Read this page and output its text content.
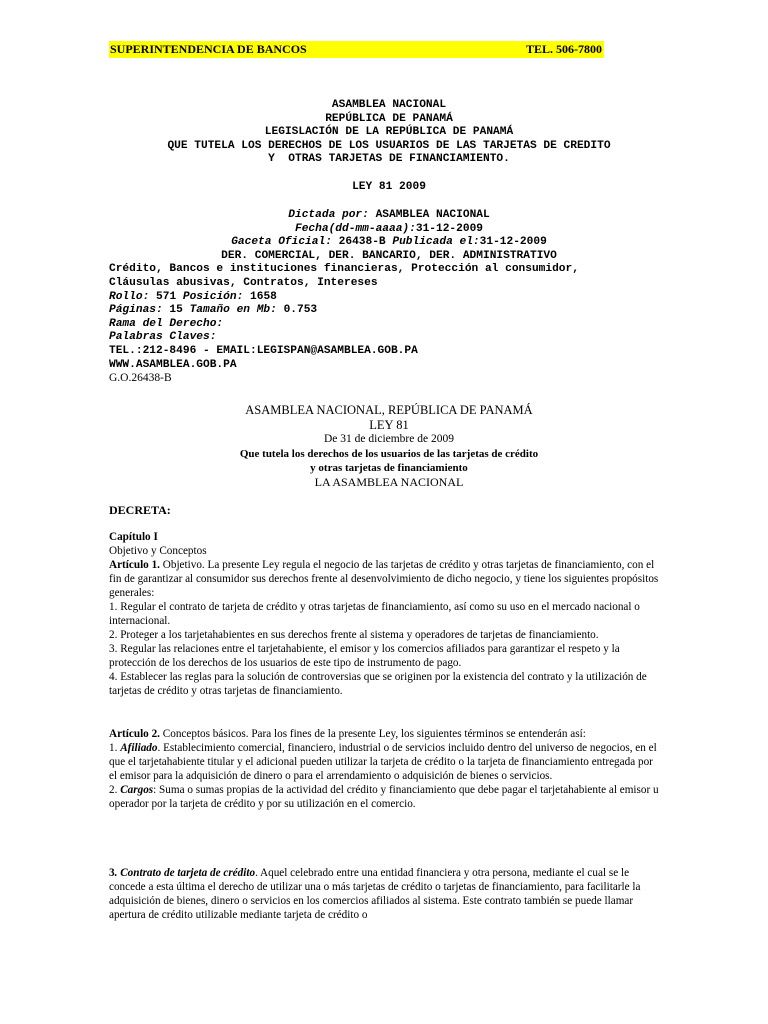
SUPERINTENDENCIA DE BANCOS	TEL. 506-7800
ASAMBLEA NACIONAL
REPÚBLICA DE PANAMÁ
LEGISLACIÓN DE LA REPÚBLICA DE PANAMÁ
QUE TUTELA LOS DERECHOS DE LOS USUARIOS DE LAS TARJETAS DE CREDITO
Y  OTRAS TARJETAS DE FINANCIAMIENTO.
LEY 81 2009
Dictada por: ASAMBLEA NACIONAL
Fecha(dd-mm-aaaa):31-12-2009
Gaceta Oficial: 26438-B Publicada el:31-12-2009
DER. COMERCIAL, DER. BANCARIO, DER. ADMINISTRATIVO
Crédito, Bancos e instituciones financieras, Protección al consumidor,
Cláusulas abusivas, Contratos, Intereses
Rollo: 571 Posición: 1658
Páginas: 15 Tamaño en Mb: 0.753
Rama del Derecho:
Palabras Claves:
TEL.:212-8496 - EMAIL:LEGISPAN@ASAMBLEA.GOB.PA
WWW.ASAMBLEA.GOB.PA
G.O.26438-B
ASAMBLEA NACIONAL, REPÚBLICA DE PANAMÁ
LEY 81
De 31 de diciembre de 2009
Que tutela los derechos de los usuarios de las tarjetas de crédito
y otras tarjetas de financiamiento
LA ASAMBLEA NACIONAL
DECRETA:

Capítulo I

Objetivo y Conceptos

Artículo 1. Objetivo. La presente Ley regula el negocio de las tarjetas de crédito y otras tarjetas de financiamiento, con el fin de garantizar al consumidor sus derechos frente al desenvolvimiento de dicho negocio, y tiene los siguientes propósitos generales:

1. Regular el contrato de tarjeta de crédito y otras tarjetas de financiamiento, así como su uso en el mercado nacional o internacional.

2. Proteger a los tarjetahabientes en sus derechos frente al sistema y operadores de tarjetas de financiamiento.

3. Regular las relaciones entre el tarjetahabiente, el emisor y los comercios afiliados para garantizar el respeto y la protección de los derechos de los usuarios de este tipo de instrumento de pago.

4. Establecer las reglas para la solución de controversias que se originen por la existencia del contrato y la utilización de tarjetas de crédito y otras tarjetas de financiamiento.

Artículo 2. Conceptos básicos. Para los fines de la presente Ley, los siguientes términos se entenderán así:

1. Afiliado. Establecimiento comercial, financiero, industrial o de servicios incluido dentro del universo de negocios, en el que el tarjetahabiente titular y el adicional pueden utilizar la tarjeta de crédito o la tarjeta de financiamiento entregada por el emisor para la adquisición de dinero o para el arrendamiento o adquisición de bienes o servicios.

2. Cargos: Suma o sumas propias de la actividad del crédito y financiamiento que debe pagar el tarjetahabiente al emisor u operador por la tarjeta de crédito y por su utilización en el comercio.

3. Contrato de tarjeta de crédito. Aquel celebrado entre una entidad financiera y otra persona, mediante el cual se le concede a esta última el derecho de utilizar una o más tarjetas de crédito o tarjetas de financiamiento, para facilitarle la adquisición de bienes, dinero o servicios en los comercios afiliados al sistema. Este contrato también se puede llamar apertura de crédito utilizable mediante tarjeta de crédito o
